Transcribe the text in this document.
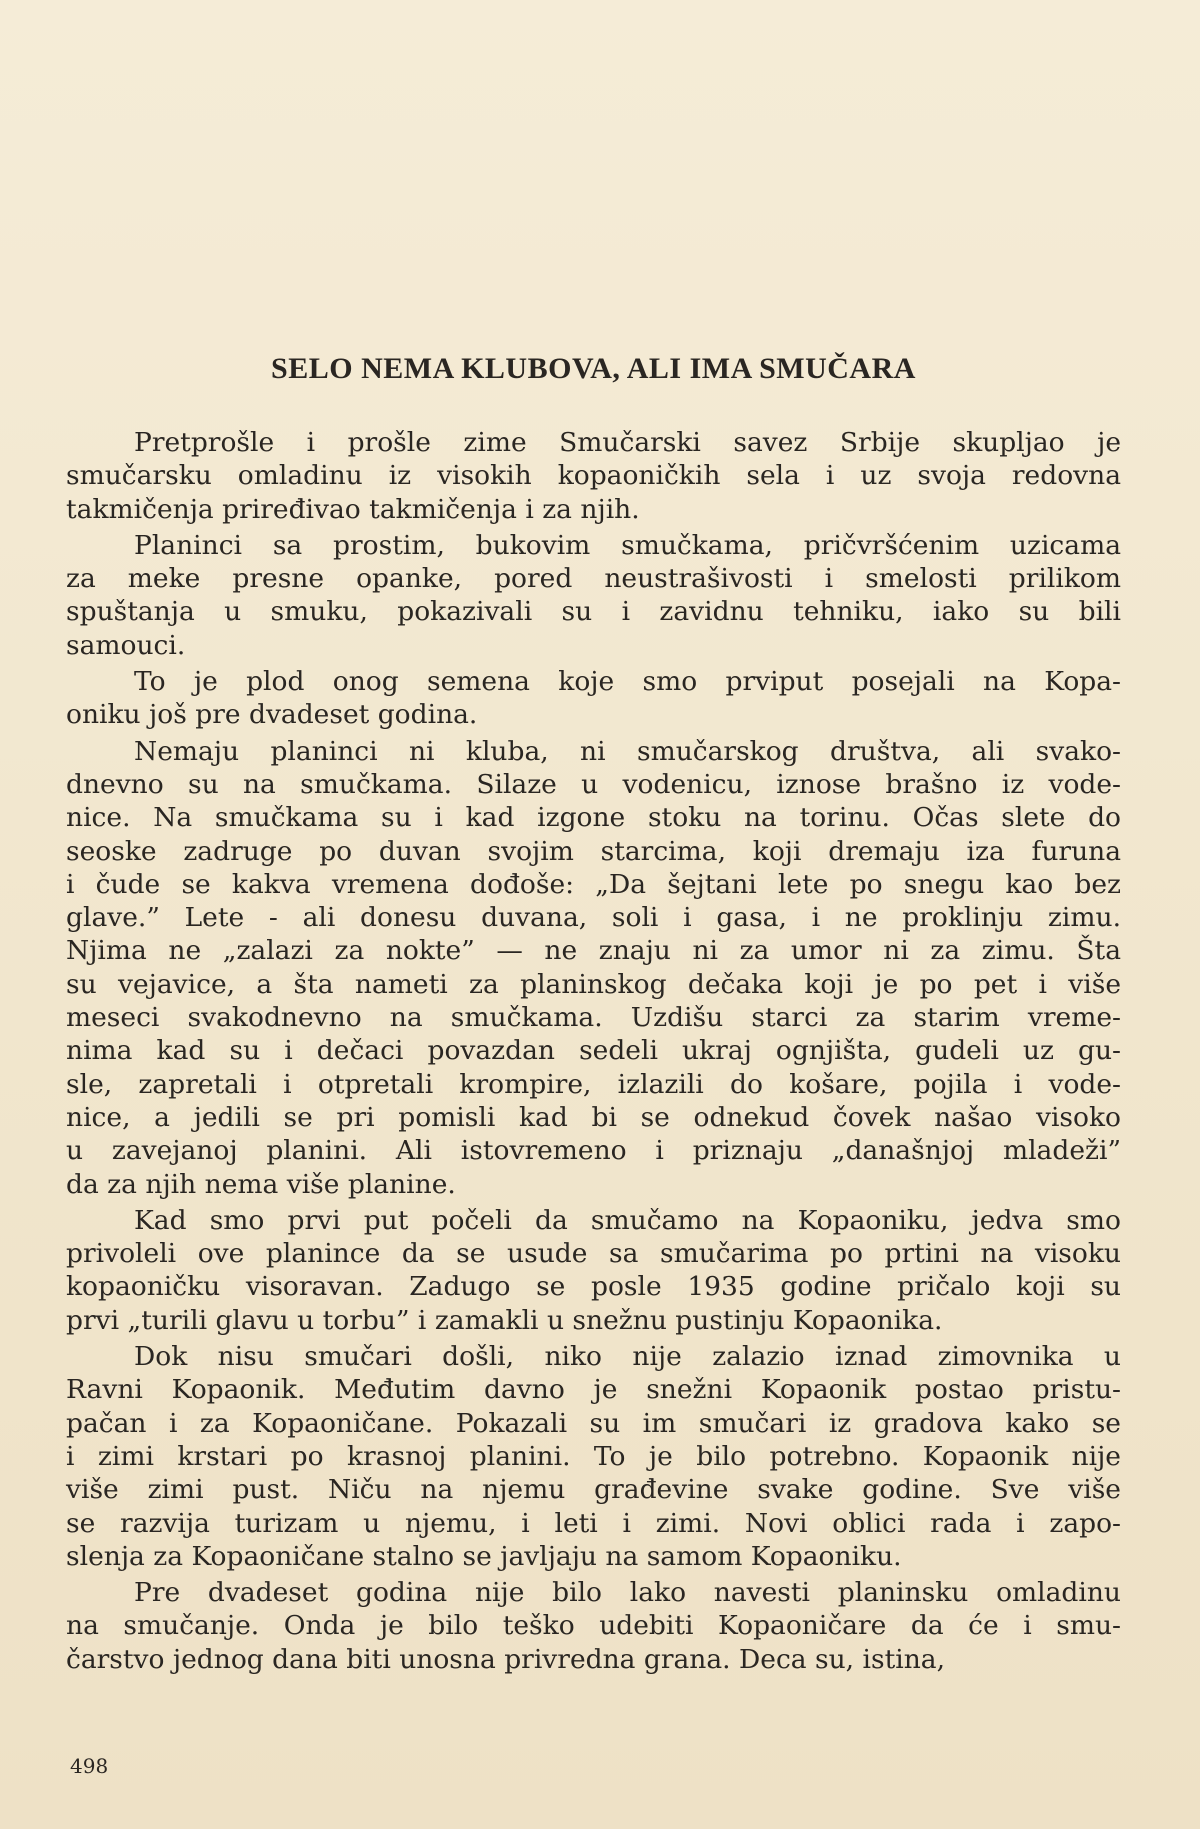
SELO NEMA KLUBOVA, ALI IMA SMUČARA
Pretprošle i prošle zime Smučarski savez Srbije skupljao je
smučarsku omladinu iz visokih kopaoničkih sela i uz svoja redovna
takmičenja priređivao takmičenja i za njih.
Planinci sa prostim, bukovim smučkama, pričvršćenim uzicama
za meke presne opanke, pored neustrašivosti i smelosti prilikom
spuštanja u smuku, pokazivali su i zavidnu tehniku, iako su bili
samouci.
To je plod onog semena koje smo prviput posejali na Kopa-
oniku još pre dvadeset godina.
Nemaju planinci ni kluba, ni smučarskog društva, ali svako-
dnevno su na smučkama. Silaze u vodenicu, iznose brašno iz vode-
nice. Na smučkama su i kad izgone stoku na torinu. Očas slete do
seoske zadruge po duvan svojim starcima, koji dremaju iza furuna
i čude se kakva vremena dođoše: „Da šejtani lete po snegu kao bez
glave.” Lete - ali donesu duvana, soli i gasa, i ne proklinju zimu.
Njima ne „zalazi za nokte” — ne znaju ni za umor ni za zimu. Šta
su vejavice, a šta nameti za planinskog dečaka koji je po pet i više
meseci svakodnevno na smučkama. Uzdišu starci za starim vreme-
nima kad su i dečaci povazdan sedeli ukraj ognjišta, gudeli uz gu-
sle, zapretali i otpretali krompire, izlazili do košare, pojila i vode-
nice, a jedili se pri pomisli kad bi se odnekud čovek našao visoko
u zavejanoj planini. Ali istovremeno i priznaju „današnjoj mladeži”
da za njih nema više planine.
Kad smo prvi put počeli da smučamo na Kopaoniku, jedva smo
privoleli ove planince da se usude sa smučarima po prtini na visoku
kopaoničku visoravan. Zadugo se posle 1935 godine pričalo koji su
prvi „turili glavu u torbu” i zamakli u snežnu pustinju Kopaonika.
Dok nisu smučari došli, niko nije zalazio iznad zimovnika u
Ravni Kopaonik. Međutim davno je snežni Kopaonik postao pristu-
pačan i za Kopaoničane. Pokazali su im smučari iz gradova kako se
i zimi krstari po krasnoj planini. To je bilo potrebno. Kopaonik nije
više zimi pust. Niču na njemu građevine svake godine. Sve više
se razvija turizam u njemu, i leti i zimi. Novi oblici rada i zapo-
slenja za Kopaoničane stalno se javljaju na samom Kopaoniku.
Pre dvadeset godina nije bilo lako navesti planinsku omladinu
na smučanje. Onda je bilo teško udebiti Kopaoničare da će i smu-
čarstvo jednog dana biti unosna privredna grana. Deca su, istina,

498
